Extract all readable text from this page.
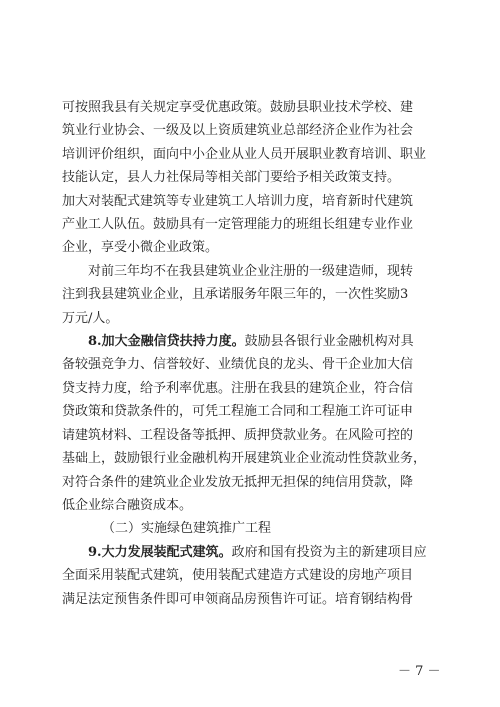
可按照我县有关规定享受优惠政策。鼓励县职业技术学校、建
筑业行业协会、一级及以上资质建筑业总部经济企业作为社会
培训评价组织，面向中小企业从业人员开展职业教育培训、职业
技能认定，县人力社保局等相关部门要给予相关政策支持。
加大对装配式建筑等专业建筑工人培训力度，培育新时代建筑
产业工人队伍。鼓励具有一定管理能力的班组长组建专业作业
企业，享受小微企业政策。
对前三年均不在我县建筑业企业注册的一级建造师，现转
注到我县建筑业企业，且承诺服务年限三年的，一次性奖励3
万元/人。
8.加大金融信贷扶持力度。鼓励县各银行业金融机构对具
备较强竞争力、信誉较好、业绩优良的龙头、骨干企业加大信
贷支持力度，给予利率优惠。注册在我县的建筑企业，符合信
贷政策和贷款条件的，可凭工程施工合同和工程施工许可证申
请建筑材料、工程设备等抵押、质押贷款业务。在风险可控的
基础上，鼓励银行业金融机构开展建筑业企业流动性贷款业务，
对符合条件的建筑业企业发放无抵押无担保的纯信用贷款，降
低企业综合融资成本。
（二）实施绿色建筑推广工程
9.大力发展装配式建筑。政府和国有投资为主的新建项目应
全面采用装配式建筑，使用装配式建造方式建设的房地产项目
满足法定预售条件即可申领商品房预售许可证。培育钢结构骨
－ 7 －
